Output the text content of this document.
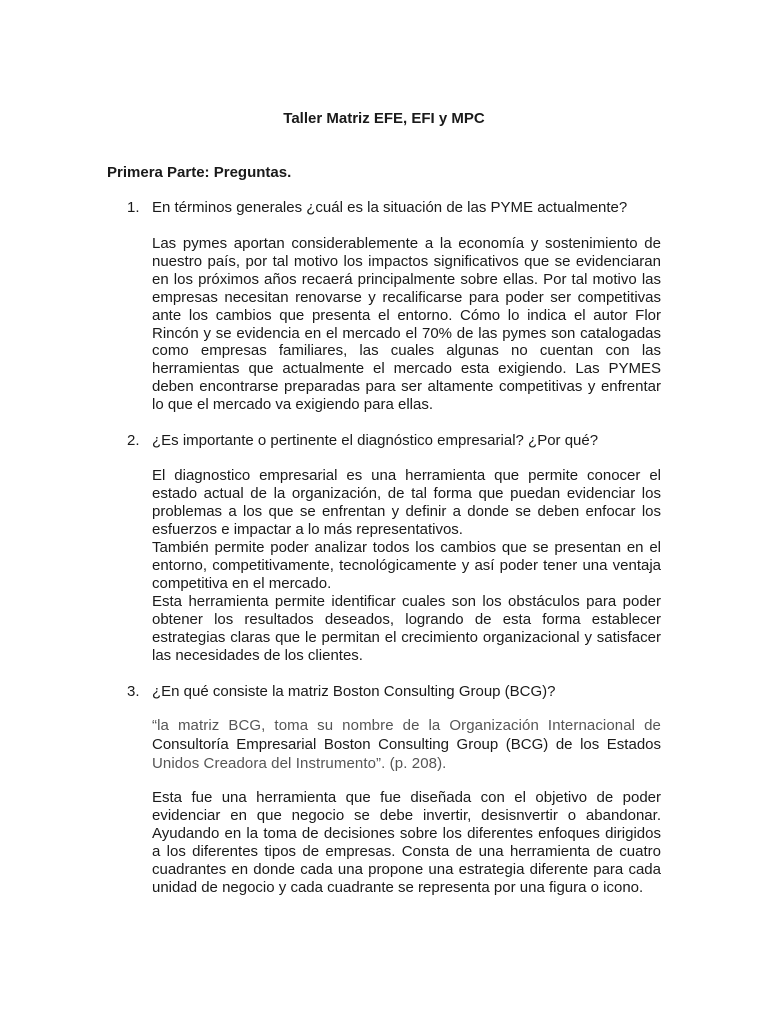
Taller Matriz EFE, EFI y MPC
Primera Parte: Preguntas.
1. En términos generales ¿cuál es la situación de las PYME actualmente?
Las pymes aportan considerablemente a la economía y sostenimiento de nuestro país, por tal motivo los impactos significativos que se evidenciaran en los próximos años recaerá principalmente sobre ellas. Por tal motivo las empresas necesitan renovarse y recalificarse para poder ser competitivas ante los cambios que presenta el entorno. Cómo lo indica el autor Flor Rincón y se evidencia en el mercado el 70% de las pymes son catalogadas como empresas familiares, las cuales algunas no cuentan con las herramientas que actualmente el mercado esta exigiendo. Las PYMES deben encontrarse preparadas para ser altamente competitivas y enfrentar lo que el mercado va exigiendo para ellas.
2. ¿Es importante o pertinente el diagnóstico empresarial? ¿Por qué?
El diagnostico empresarial es una herramienta que permite conocer el estado actual de la organización, de tal forma que puedan evidenciar los problemas a los que se enfrentan y definir a donde se deben enfocar los esfuerzos e impactar a lo más representativos.
También permite poder analizar todos los cambios que se presentan en el entorno, competitivamente, tecnológicamente y así poder tener una ventaja competitiva en el mercado.
Esta herramienta permite identificar cuales son los obstáculos para poder obtener los resultados deseados, logrando de esta forma establecer estrategias claras que le permitan el crecimiento organizacional y satisfacer las necesidades de los clientes.
3. ¿En qué consiste la matriz Boston Consulting Group (BCG)?
“la matriz BCG, toma su nombre de la Organización Internacional de
Consultoría Empresarial Boston Consulting Group (BCG) de los Estados
Unidos Creadora del Instrumento”. (p. 208).
Esta fue una herramienta que fue diseñada con el objetivo de poder evidenciar en que negocio se debe invertir, desisnvertir o abandonar. Ayudando en la toma de decisiones sobre los diferentes enfoques dirigidos a los diferentes tipos de empresas. Consta de una herramienta de cuatro cuadrantes en donde cada una propone una estrategia diferente para cada unidad de negocio y cada cuadrante se representa por una figura o icono.
